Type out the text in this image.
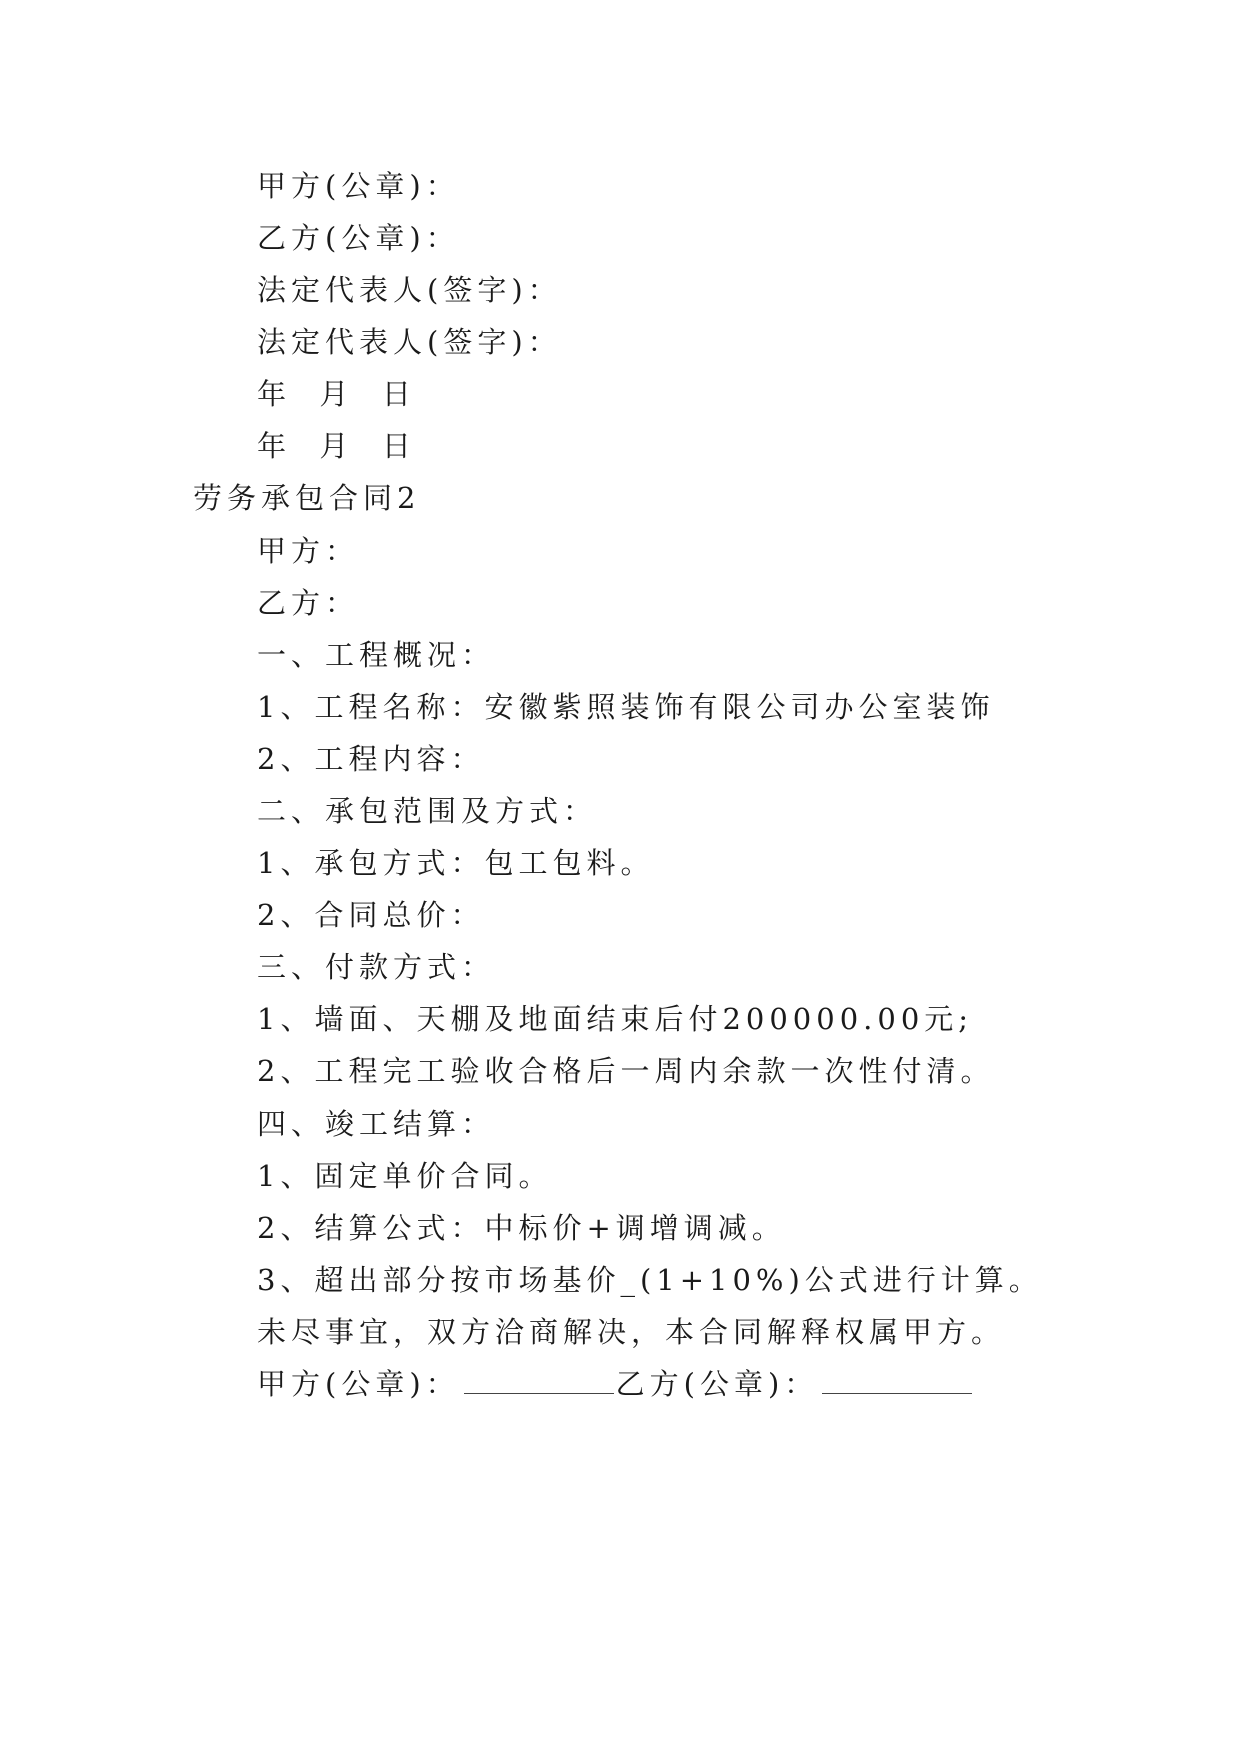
甲方(公章)：
乙方(公章)：
法定代表人(签字)：
法定代表人(签字)：
年  月  日
年  月  日
劳务承包合同2
甲方：
乙方：
一、工程概况：
1、工程名称：安徽紫照装饰有限公司办公室装饰
2、工程内容：
二、承包范围及方式：
1、承包方式：包工包料。
2、合同总价：
三、付款方式：
1、墙面、天棚及地面结束后付200000.00元;
2、工程完工验收合格后一周内余款一次性付清。
四、竣工结算：
1、固定单价合同。
2、结算公式：中标价+调增调减。
3、超出部分按市场基价_(1+10%)公式进行计算。
未尽事宜，双方洽商解决，本合同解释权属甲方。
甲方(公章)：	乙方(公章)：
